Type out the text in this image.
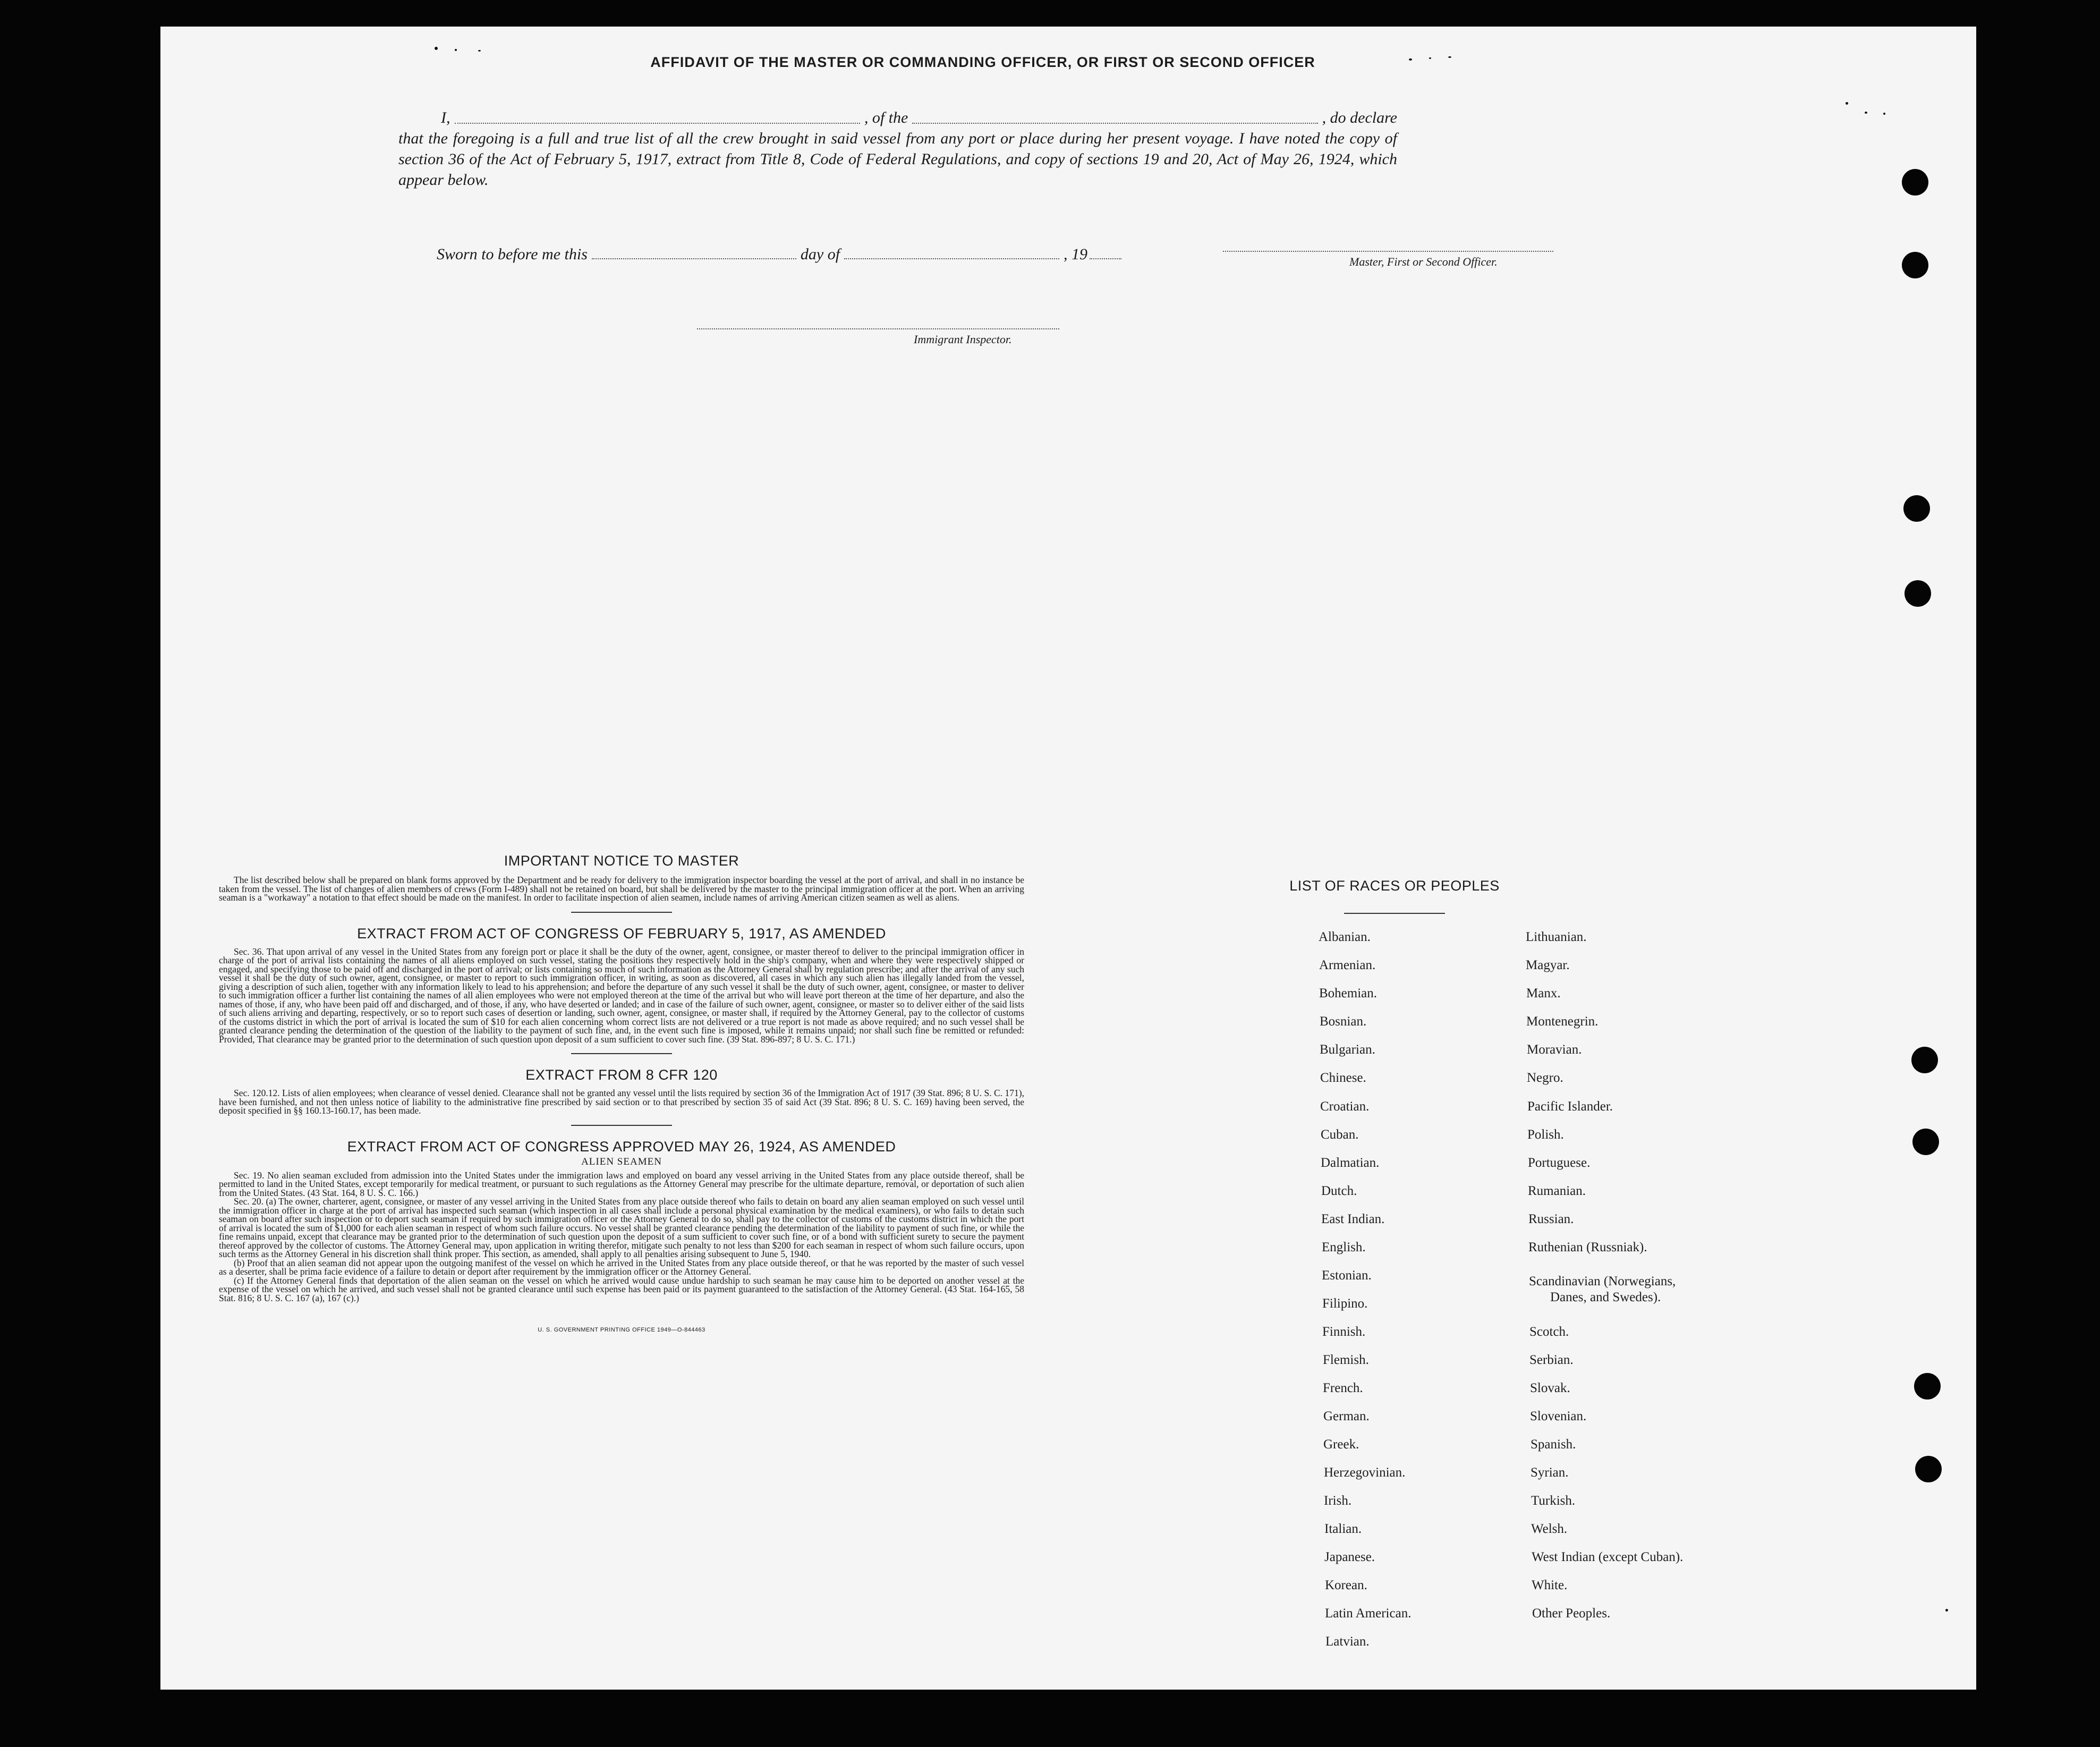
AFFIDAVIT OF THE MASTER OR COMMANDING OFFICER, OR FIRST OR SECOND OFFICER
I,	, of the	, do declare
that the foregoing is a full and true list of all the crew brought in said vessel from any port or place during her present voyage. I have noted the copy of section 36 of the Act of February 5, 1917, extract from Title 8, Code of Federal Regulations, and copy of sections 19 and 20, Act of May 26, 1924, which appear below.
Master, First or Second Officer.
Sworn to before me this	day of	, 19
Immigrant Inspector.
IMPORTANT NOTICE TO MASTER

The list described below shall be prepared on blank forms approved by the Department and be ready for delivery to the immigration inspector boarding the vessel at the port of arrival, and shall in no instance be taken from the vessel. The list of changes of alien members of crews (Form I-489) shall not be retained on board, but shall be delivered by the master to the principal immigration officer at the port. When an arriving seaman is a "workaway" a notation to that effect should be made on the manifest. In order to facilitate inspection of alien seamen, include names of arriving American citizen seamen as well as aliens.

EXTRACT FROM ACT OF CONGRESS OF FEBRUARY 5, 1917, AS AMENDED

Sec. 36. That upon arrival of any vessel in the United States from any foreign port or place it shall be the duty of the owner, agent, consignee, or master thereof to deliver to the principal immigration officer in charge of the port of arrival lists containing the names of all aliens employed on such vessel, stating the positions they respectively hold in the ship's company, when and where they were respectively shipped or engaged, and specifying those to be paid off and discharged in the port of arrival; or lists containing so much of such information as the Attorney General shall by regulation prescribe; and after the arrival of any such vessel it shall be the duty of such owner, agent, consignee, or master to report to such immigration officer, in writing, as soon as discovered, all cases in which any such alien has illegally landed from the vessel, giving a description of such alien, together with any information likely to lead to his apprehension; and before the departure of any such vessel it shall be the duty of such owner, agent, consignee, or master to deliver to such immigration officer a further list containing the names of all alien employees who were not employed thereon at the time of the arrival but who will leave port thereon at the time of her departure, and also the names of those, if any, who have been paid off and discharged, and of those, if any, who have deserted or landed; and in case of the failure of such owner, agent, consignee, or master so to deliver either of the said lists of such aliens arriving and departing, respectively, or so to report such cases of desertion or landing, such owner, agent, consignee, or master shall, if required by the Attorney General, pay to the collector of customs of the customs district in which the port of arrival is located the sum of $10 for each alien concerning whom correct lists are not delivered or a true report is not made as above required; and no such vessel shall be granted clearance pending the determination of the question of the liability to the payment of such fine, and, in the event such fine is imposed, while it remains unpaid; nor shall such fine be remitted or refunded: Provided, That clearance may be granted prior to the determination of such question upon deposit of a sum sufficient to cover such fine. (39 Stat. 896-897; 8 U. S. C. 171.)

EXTRACT FROM 8 CFR 120

Sec. 120.12. Lists of alien employees; when clearance of vessel denied. Clearance shall not be granted any vessel until the lists required by section 36 of the Immigration Act of 1917 (39 Stat. 896; 8 U. S. C. 171), have been furnished, and not then unless notice of liability to the administrative fine prescribed by said section or to that prescribed by section 35 of said Act (39 Stat. 896; 8 U. S. C. 169) having been served, the deposit specified in §§ 160.13-160.17, has been made.

EXTRACT FROM ACT OF CONGRESS APPROVED MAY 26, 1924, AS AMENDED
ALIEN SEAMEN

Sec. 19. No alien seaman excluded from admission into the United States under the immigration laws and employed on board any vessel arriving in the United States from any place outside thereof, shall be permitted to land in the United States, except temporarily for medical treatment, or pursuant to such regulations as the Attorney General may prescribe for the ultimate departure, removal, or deportation of such alien from the United States. (43 Stat. 164, 8 U. S. C. 166.)

Sec. 20. (a) The owner, charterer, agent, consignee, or master of any vessel arriving in the United States from any place outside thereof who fails to detain on board any alien seaman employed on such vessel until the immigration officer in charge at the port of arrival has inspected such seaman (which inspection in all cases shall include a personal physical examination by the medical examiners), or who fails to detain such seaman on board after such inspection or to deport such seaman if required by such immigration officer or the Attorney General to do so, shall pay to the collector of customs of the customs district in which the port of arrival is located the sum of $1,000 for each alien seaman in respect of whom such failure occurs. No vessel shall be granted clearance pending the determination of the liability to payment of such fine, or while the fine remains unpaid, except that clearance may be granted prior to the determination of such question upon the deposit of a sum sufficient to cover such fine, or of a bond with sufficient surety to secure the payment thereof approved by the collector of customs. The Attorney General may, upon application in writing therefor, mitigate such penalty to not less than $200 for each seaman in respect of whom such failure occurs, upon such terms as the Attorney General in his discretion shall think proper. This section, as amended, shall apply to all penalties arising subsequent to June 5, 1940.

(b) Proof that an alien seaman did not appear upon the outgoing manifest of the vessel on which he arrived in the United States from any place outside thereof, or that he was reported by the master of such vessel as a deserter, shall be prima facie evidence of a failure to detain or deport after requirement by the immigration officer or the Attorney General.

(c) If the Attorney General finds that deportation of the alien seaman on the vessel on which he arrived would cause undue hardship to such seaman he may cause him to be deported on another vessel at the expense of the vessel on which he arrived, and such vessel shall not be granted clearance until such expense has been paid or its payment guaranteed to the satisfaction of the Attorney General. (43 Stat. 164-165, 58 Stat. 816; 8 U. S. C. 167 (a), 167 (c).)

U. S. GOVERNMENT PRINTING OFFICE 1949—O-844463
LIST OF RACES OR PEOPLES
Albanian.
Armenian.
Bohemian.
Bosnian.
Bulgarian.
Chinese.
Croatian.
Cuban.
Dalmatian.
Dutch.
East Indian.
English.
Estonian.
Filipino.
Finnish.
Flemish.
French.
German.
Greek.
Herzegovinian.
Irish.
Italian.
Japanese.
Korean.
Latin American.
Latvian.
Lithuanian.
Magyar.
Manx.
Montenegrin.
Moravian.
Negro.
Pacific Islander.
Polish.
Portuguese.
Rumanian.
Russian.
Ruthenian (Russniak).
Scandinavian (Norwegians,
Danes, and Swedes).
Scotch.
Serbian.
Slovak.
Slovenian.
Spanish.
Syrian.
Turkish.
Welsh.
West Indian (except Cuban).
White.
Other Peoples.
